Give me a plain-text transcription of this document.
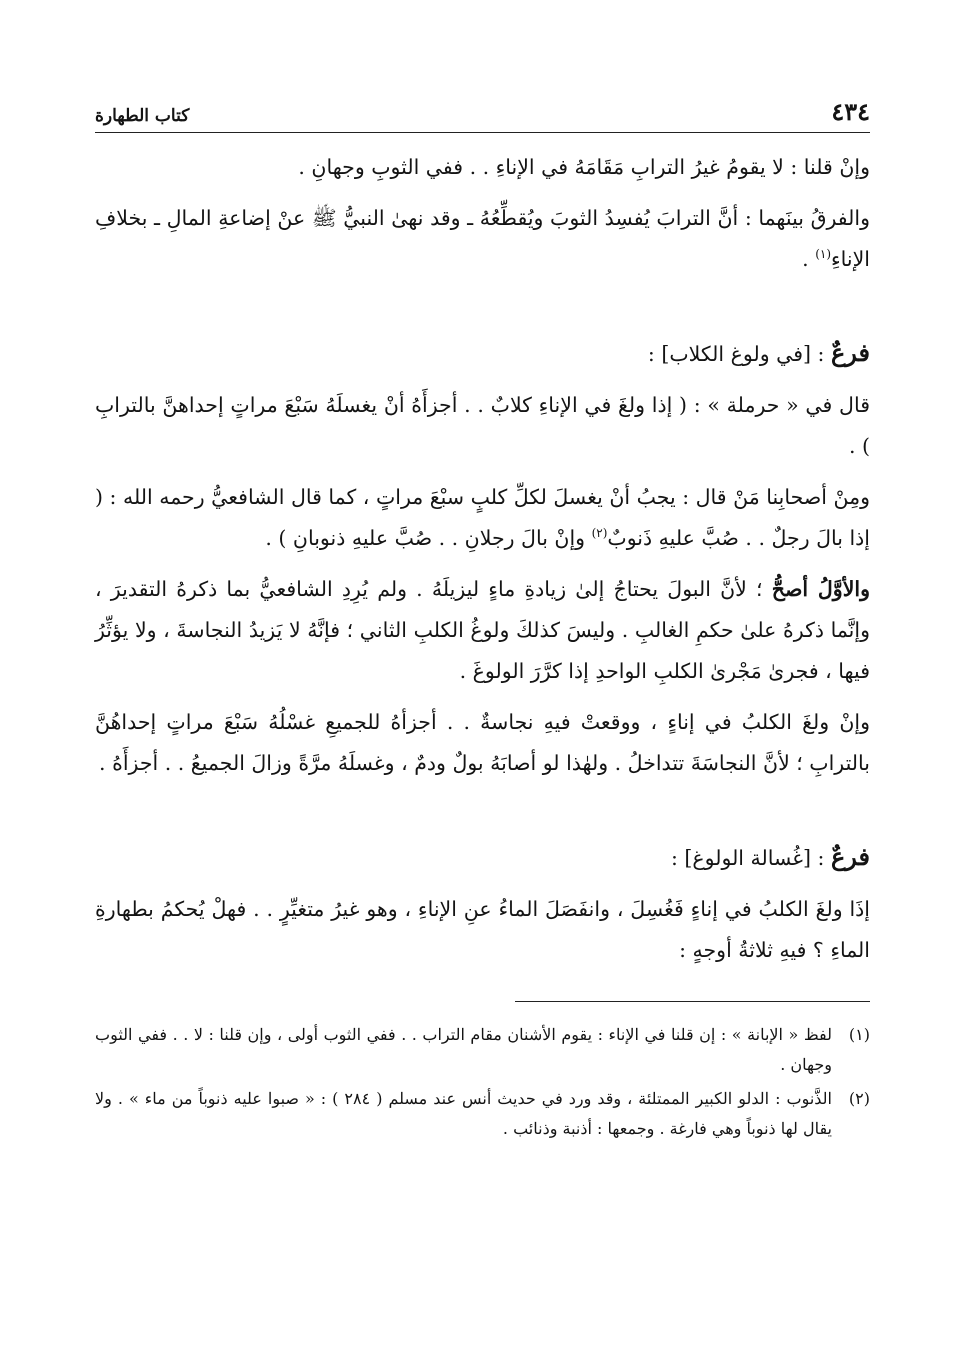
٤٣٤
كتاب الطهارة

وإنْ قلنا : لا يقومُ غيرُ الترابِ مَقَامَهُ في الإناءِ . . ففي الثوبِ وجهانِ .

والفرقُ بينَهما : أنَّ الترابَ يُفسِدُ الثوبَ ويُقطِّعُهُ ـ وقد نهىٰ النبيُّ ﷺ عنْ إضاعةِ المالِ ـ بخلافِ الإناءِ$^{(١)}$ .

فرعٌ : [في ولوغ الكلاب] :

قال في « حرملة » : ( إذا ولغَ في الإناءِ كلابٌ . . أجزأَهُ أنْ يغسلَهُ سَبْعَ مراتٍ إحداهنَّ بالترابِ ) .

ومِنْ أصحابِنا مَنْ قال : يجبُ أنْ يغسلَ لكلِّ كلبٍ سبْعَ مراتٍ ، كما قال الشافعيُّ رحمه الله : ( إذا بالَ رجلٌ . . صُبَّ عليهِ ذَنوبٌ$^{(٢)}$ وإنْ بالَ رجلانِ . . صُبَّ عليهِ ذنوبانِ ) .

والأوَّلُ أصحُّ ؛ لأنَّ البولَ يحتاجُ إلىٰ زيادةِ ماءٍ ليزيلَهُ . ولم يُرِدِ الشافعيُّ بما ذكرهُ التقديرَ ، وإنَّما ذكرهُ علىٰ حكمِ الغالبِ . وليسَ كذلكَ ولوغُ الكلبِ الثاني ؛ فإنَّهُ لا يَزيدُ النجاسةَ ، ولا يؤثِّرُ فيها ، فجرىٰ مَجْرىٰ الكلبِ الواحدِ إذا كرَّرَ الولوغَ .

وإنْ ولغَ الكلبُ في إناءٍ ، ووقعتْ فيهِ نجاسةٌ . . أجزأهُ للجميعِ غسْلُهُ سَبْعَ مراتٍ إحداهُنَّ بالترابِ ؛ لأنَّ النجاسَةَ تتداخلُ . ولهٰذا لو أصابَهُ بولٌ ودمٌ ، وغسلَهُ مرَّةً وزالَ الجميعُ . . أجزأَهُ .

فرعٌ : [غُسالة الولوغ] :

إذَا ولغَ الكلبُ في إناءٍ فَغُسِلَ ، وانفَصَلَ الماءُ عنِ الإناءِ ، وهو غيرُ متغيِّرٍ . . فهلْ يُحكمُ بطهارةِ الماءِ ؟ فيهِ ثلاثةُ أوجهٍ :

(١)
لفظ « الإبانة » : إن قلنا في الإناء : يقوم الأشنان مقام التراب . . ففي الثوب أولى ، وإن قلنا : لا . . ففي الثوب وجهان .
(٢)
الذَّنوب : الدلو الكبير الممتلئة ، وقد ورد في حديث أنس عند مسلم ( ٢٨٤ ) : « صبوا عليه ذنوباً من ماء » . ولا يقال لها ذنوباً وهي فارغة . وجمعها : أذنبة وذنائب .
